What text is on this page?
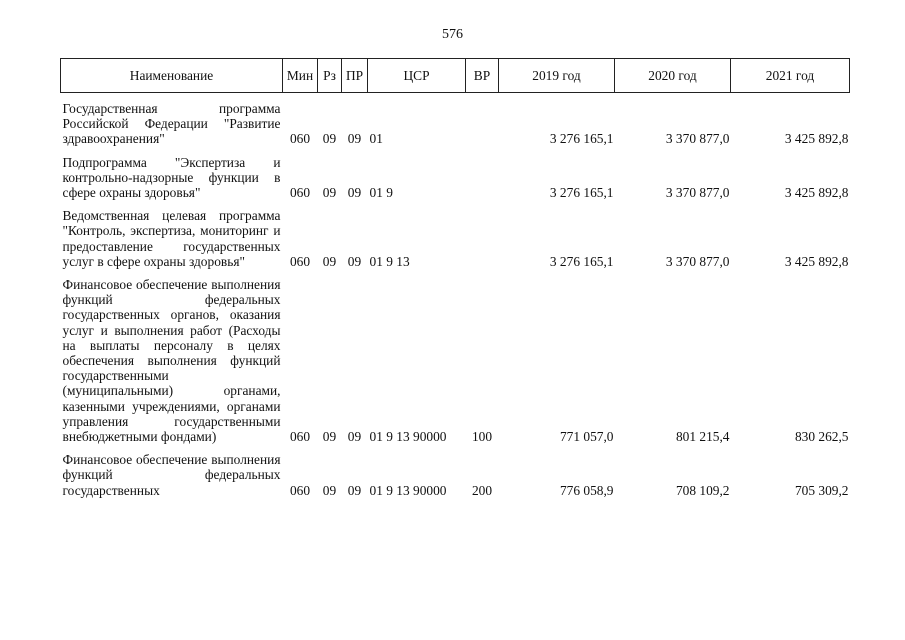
576
Наименование	Мин	Рз	ПР	ЦСР	ВР	2019 год	2020 год	2021 год
Государственная программа Российской Федерации "Развитие здравоохранения"	060	09	09	01		3 276 165,1	3 370 877,0	3 425 892,8
Подпрограмма "Экспертиза и контрольно-надзорные функции в сфере охраны здоровья"	060	09	09	01 9		3 276 165,1	3 370 877,0	3 425 892,8
Ведомственная целевая программа "Контроль, экспертиза, мониторинг и предоставление государственных услуг в сфере охраны здоровья"	060	09	09	01 9 13		3 276 165,1	3 370 877,0	3 425 892,8
Финансовое обеспечение выполнения функций федеральных государственных органов, оказания услуг и выполнения работ (Расходы на выплаты персоналу в целях обеспечения выполнения функций государственными (муниципальными) органами, казенными учреждениями, органами управления государственными внебюджетными фондами)	060	09	09	01 9 13 90000	100	771 057,0	801 215,4	830 262,5
Финансовое обеспечение выполнения функций федеральных государственных	060	09	09	01 9 13 90000	200	776 058,9	708 109,2	705 309,2
